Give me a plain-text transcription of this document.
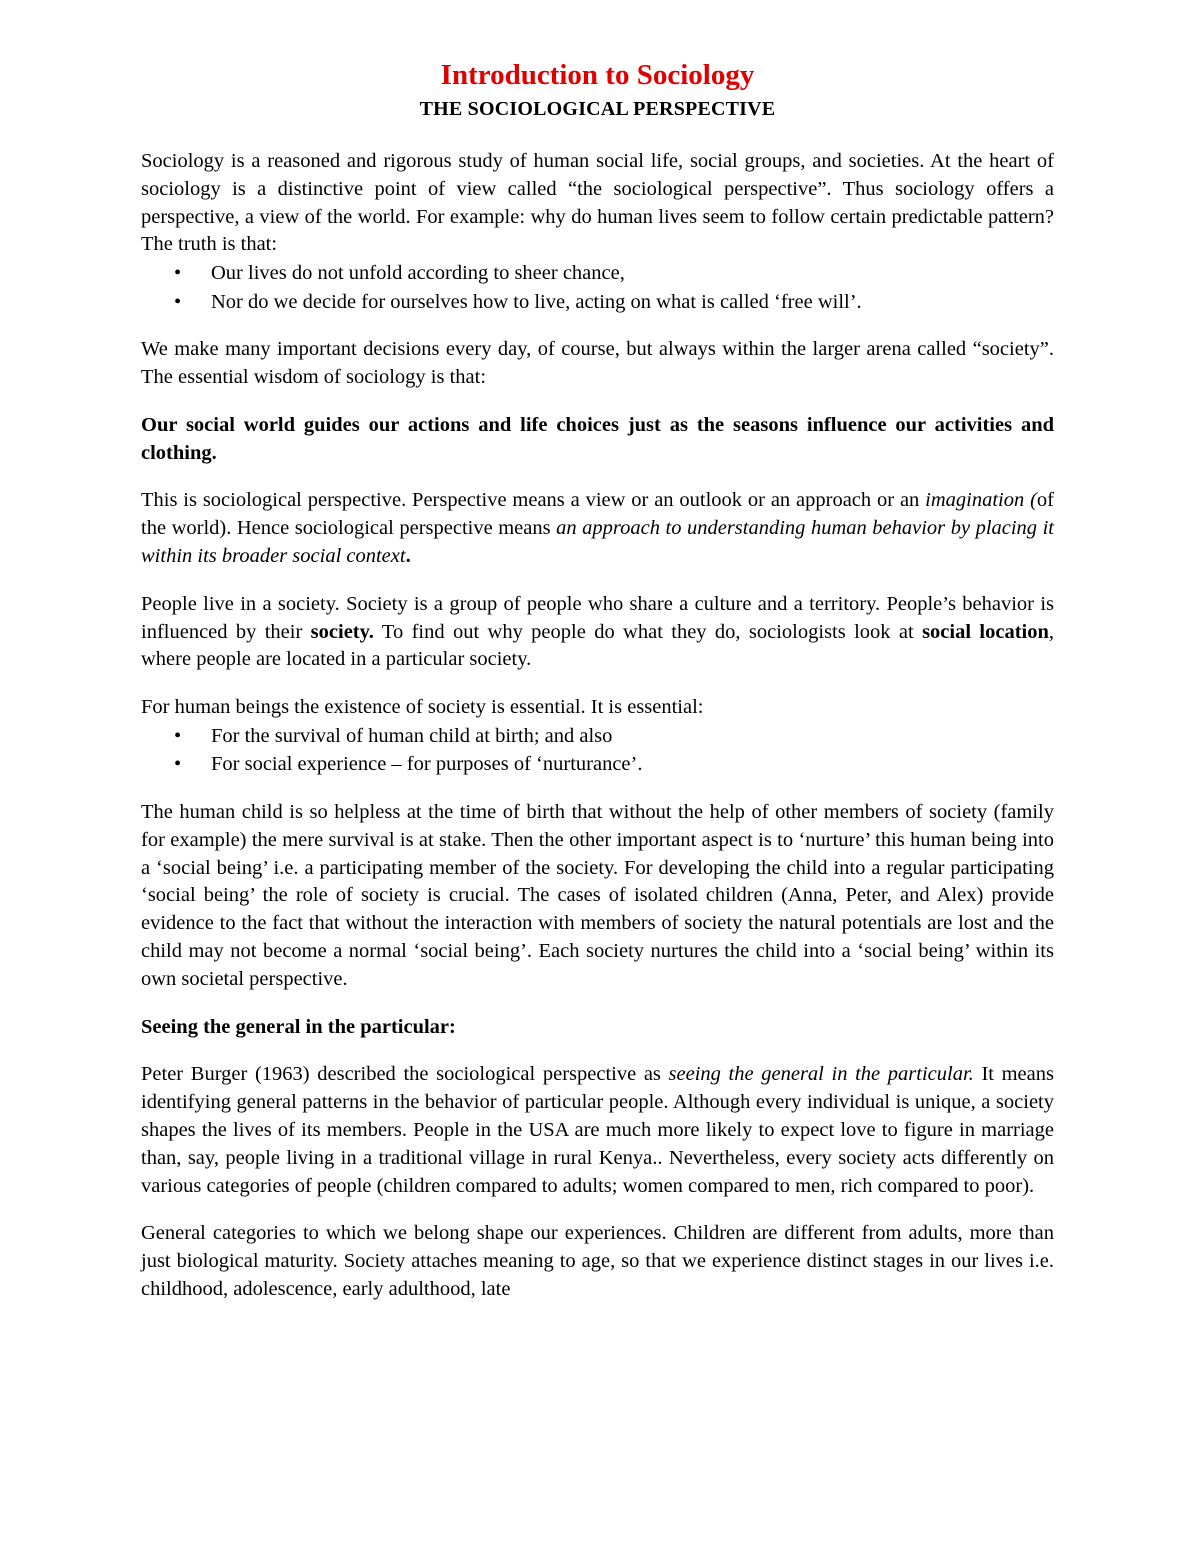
Introduction to Sociology
THE SOCIOLOGICAL PERSPECTIVE

Sociology is a reasoned and rigorous study of human social life, social groups, and societies. At the heart of sociology is a distinctive point of view called “the sociological perspective”. Thus sociology offers a perspective, a view of the world. For example: why do human lives seem to follow certain predictable pattern? The truth is that:

• Our lives do not unfold according to sheer chance,
• Nor do we decide for ourselves how to live, acting on what is called ‘free will’.

We make many important decisions every day, of course, but always within the larger arena called “society”. The essential wisdom of sociology is that:

Our social world guides our actions and life choices just as the seasons influence our activities and clothing.

This is sociological perspective. Perspective means a view or an outlook or an approach or an imagination (of the world). Hence sociological perspective means an approach to understanding human behavior by placing it within its broader social context.

People live in a society. Society is a group of people who share a culture and a territory. People’s behavior is influenced by their society. To find out why people do what they do, sociologists look at social location, where people are located in a particular society.

For human beings the existence of society is essential. It is essential:

• For the survival of human child at birth; and also
• For social experience – for purposes of ‘nurturance’.

The human child is so helpless at the time of birth that without the help of other members of society (family for example) the mere survival is at stake. Then the other important aspect is to ‘nurture’ this human being into a ‘social being’ i.e. a participating member of the society. For developing the child into a regular participating ‘social being’ the role of society is crucial. The cases of isolated children (Anna, Peter, and Alex) provide evidence to the fact that without the interaction with members of society the natural potentials are lost and the child may not become a normal ‘social being’. Each society nurtures the child into a ‘social being’ within its own societal perspective.

Seeing the general in the particular:

Peter Burger (1963) described the sociological perspective as seeing the general in the particular. It means identifying general patterns in the behavior of particular people. Although every individual is unique, a society shapes the lives of its members. People in the USA are much more likely to expect love to figure in marriage than, say, people living in a traditional village in rural Kenya.. Nevertheless, every society acts differently on various categories of people (children compared to adults; women compared to men, rich compared to poor).

General categories to which we belong shape our experiences. Children are different from adults, more than just biological maturity. Society attaches meaning to age, so that we experience distinct stages in our lives i.e. childhood, adolescence, early adulthood, late
